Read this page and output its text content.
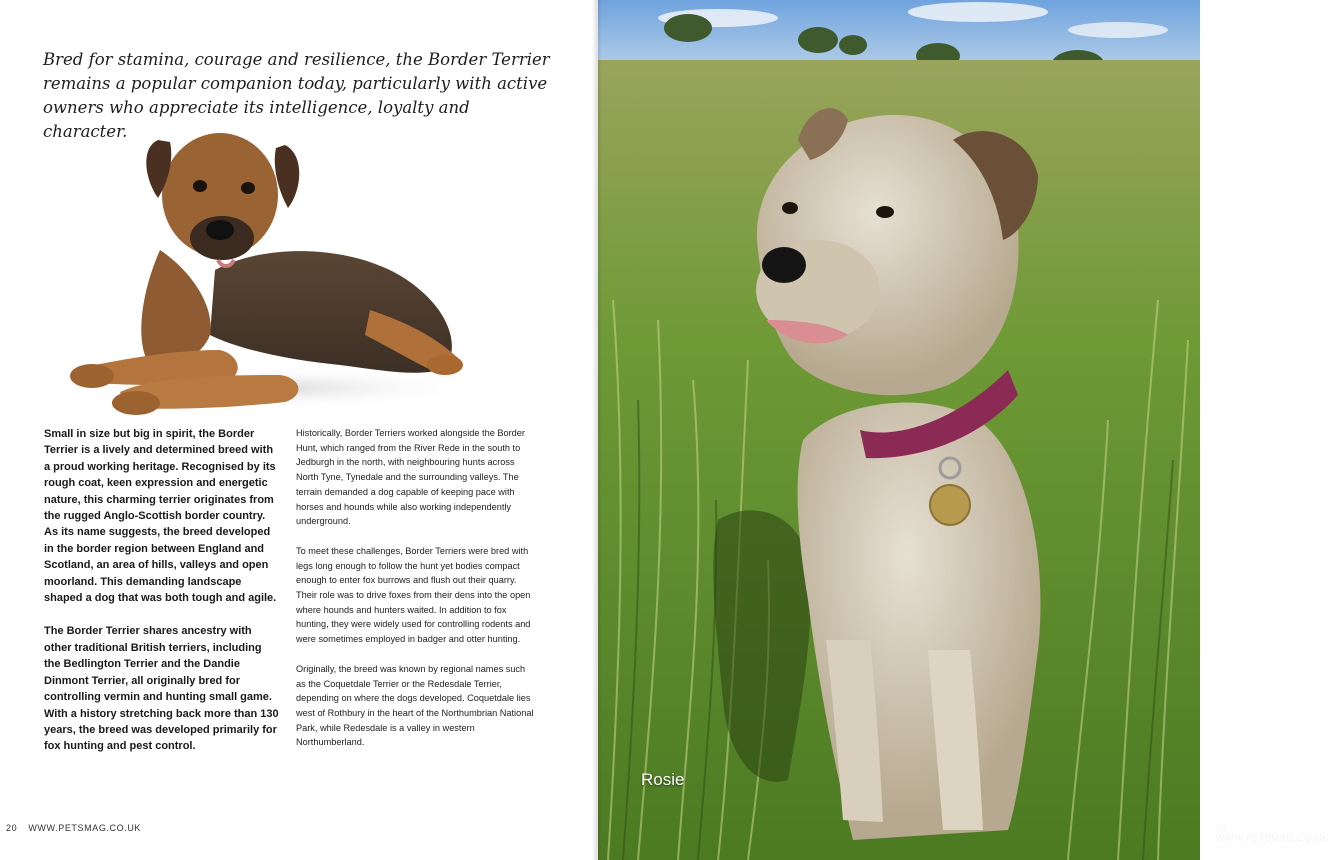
Bred for stamina, courage and resilience, the Border Terrier remains a popular companion today, particularly with active owners who appreciate its intelligence, loyalty and character.

Small in size but big in spirit, the Border Terrier is a lively and determined breed with a proud working heritage. Recognised by its rough coat, keen expression and energetic nature, this charming terrier originates from the rugged Anglo-Scottish border country. As its name suggests, the breed developed in the border region between England and Scotland, an area of hills, valleys and open moorland. This demanding landscape shaped a dog that was both tough and agile.

The Border Terrier shares ancestry with other traditional British terriers, including the Bedlington Terrier and the Dandie Dinmont Terrier, all originally bred for controlling vermin and hunting small game. With a history stretching back more than 130 years, the breed was developed primarily for fox hunting and pest control.

Historically, Border Terriers worked alongside the Border Hunt, which ranged from the River Rede in the south to Jedburgh in the north, with neighbouring hunts across North Tyne, Tynedale and the surrounding valleys. The terrain demanded a dog capable of keeping pace with horses and hounds while also working independently underground.

To meet these challenges, Border Terriers were bred with legs long enough to follow the hunt yet bodies compact enough to enter fox burrows and flush out their quarry. Their role was to drive foxes from their dens into the open where hounds and hunters waited. In addition to fox hunting, they were widely used for controlling rodents and were sometimes employed in badger and otter hunting.

Originally, the breed was known by regional names such as the Coquetdale Terrier or the Redesdale Terrier, depending on where the dogs developed. Coquetdale lies west of Rothbury in the heart of the Northumbrian National Park, while Redesdale is a valley in western Northumberland.

20 WWW.PETSMAG.CO.UK
Rosie
21 WWW.PETSMAG.CO.UK
